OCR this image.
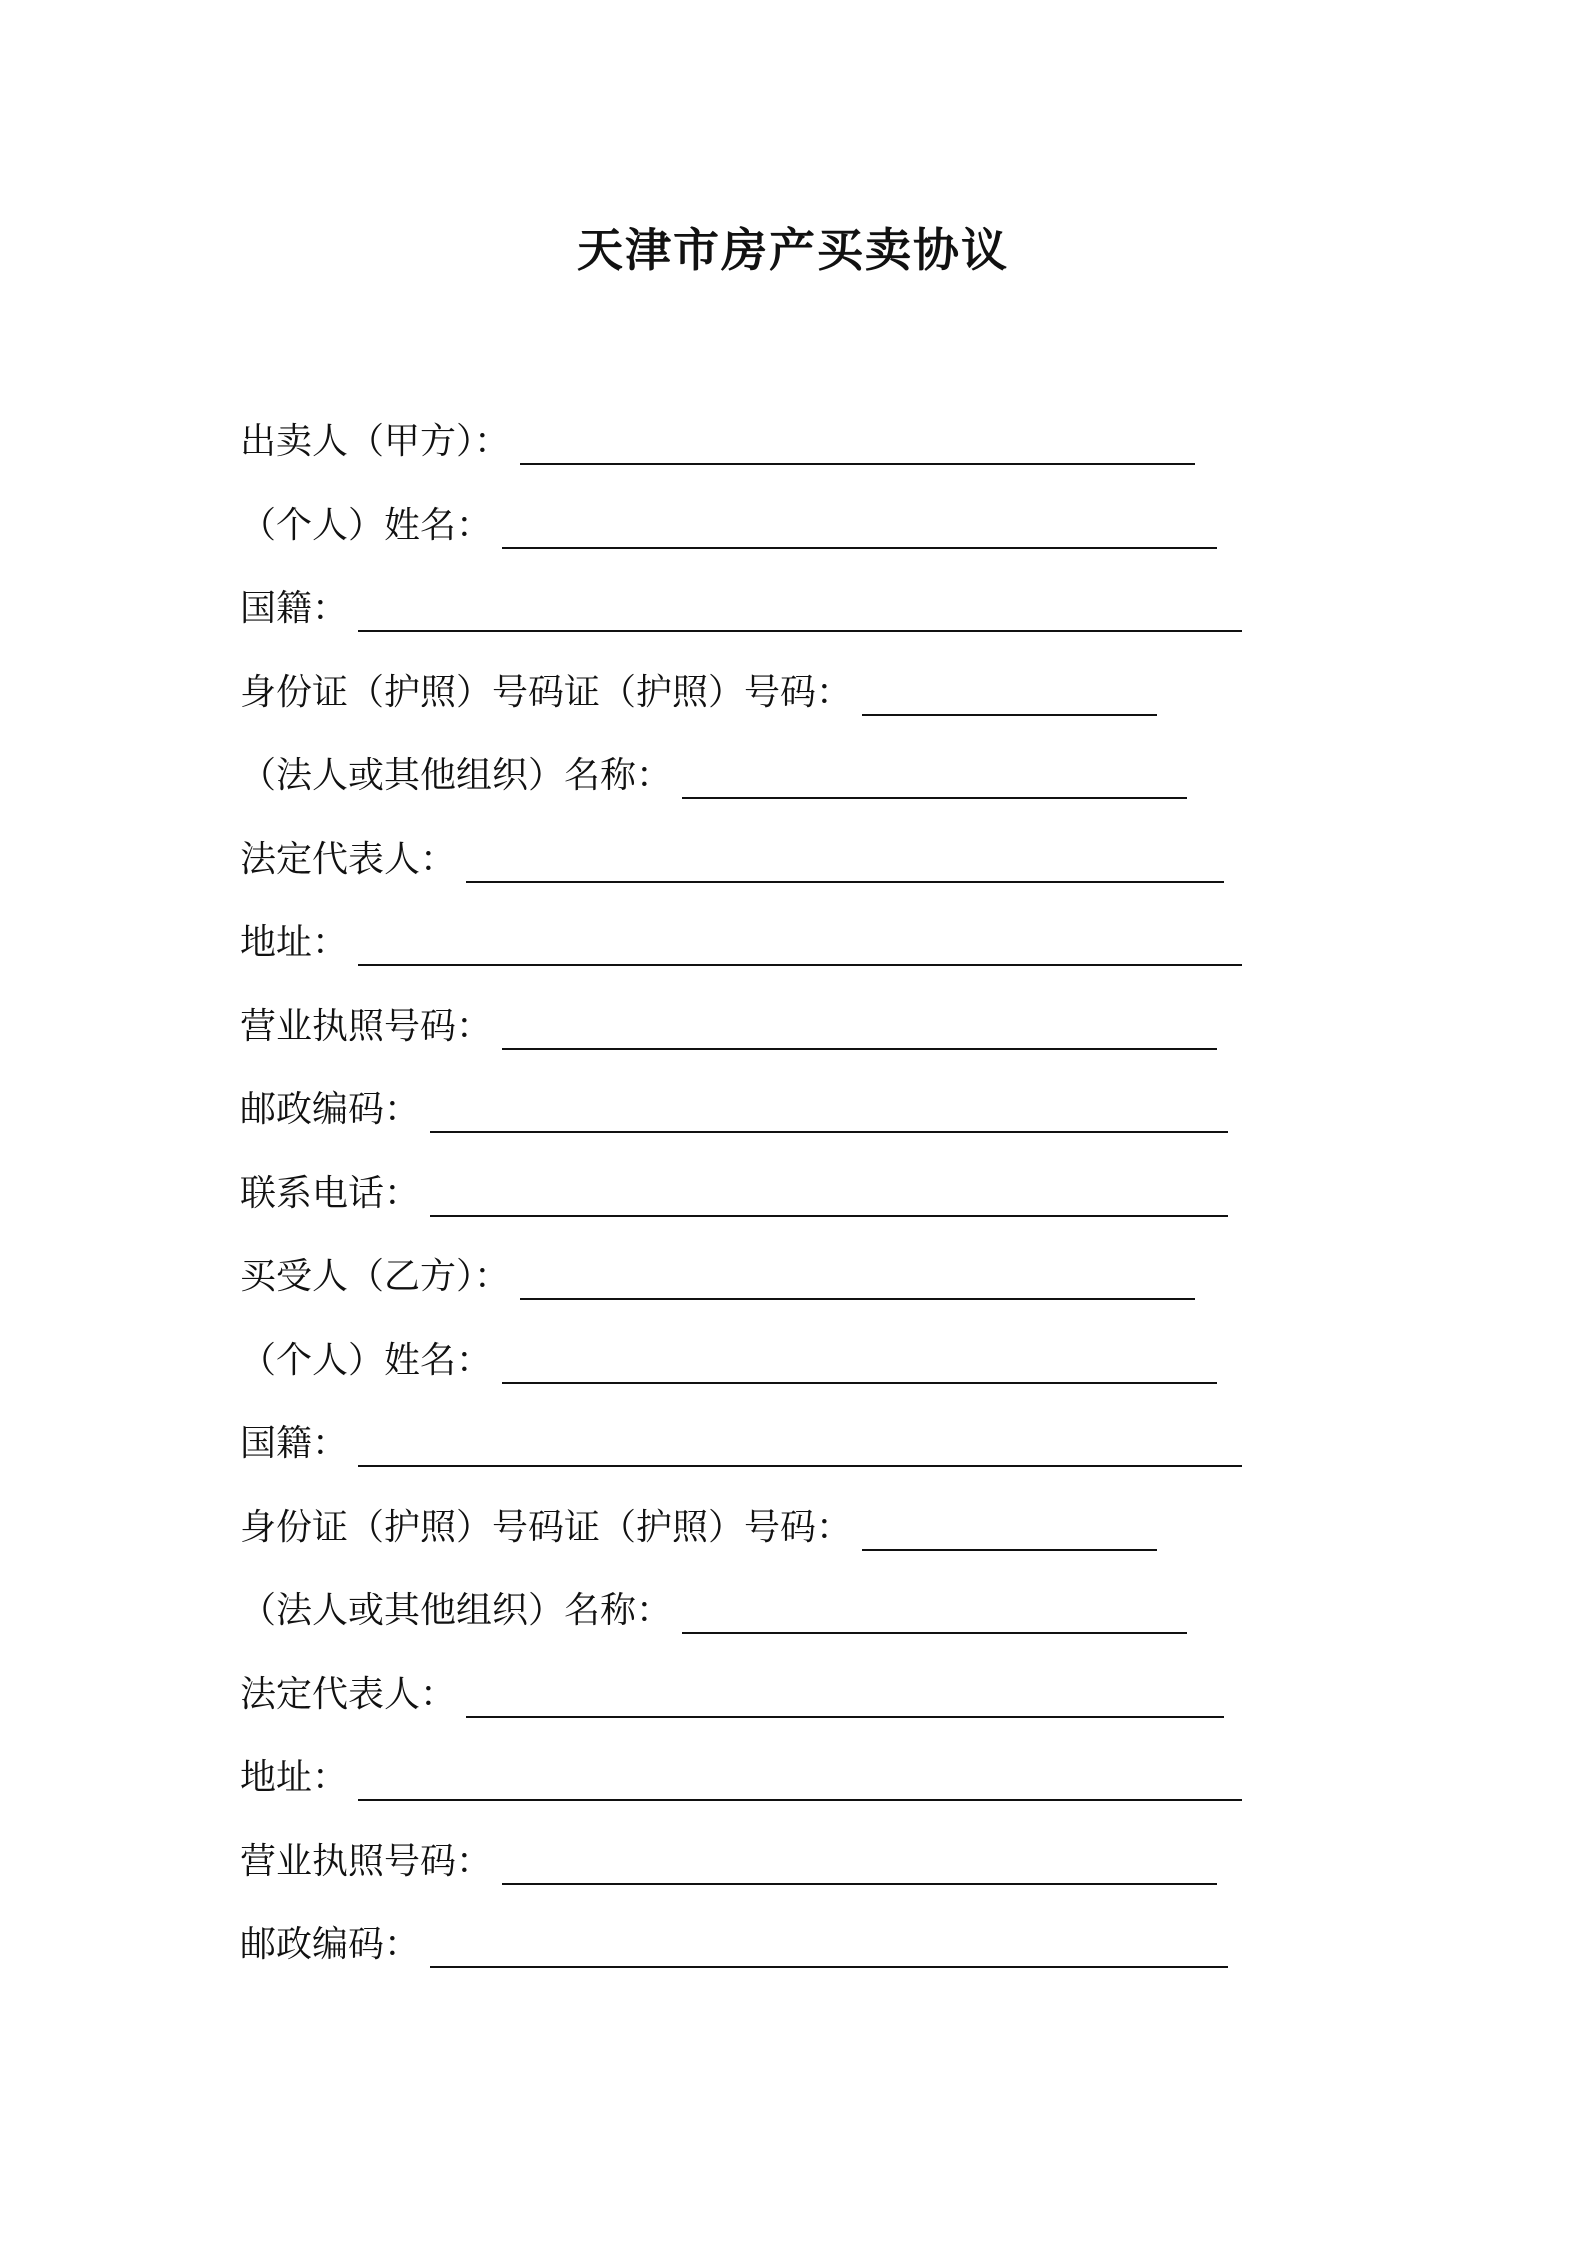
天津市房产买卖协议
出卖人（甲方）：
（个人）姓名：
国籍：
身份证（护照）号码证（护照）号码：
（法人或其他组织）名称：
法定代表人：
地址：
营业执照号码：
邮政编码：
联系电话：
买受人（乙方）：
（个人）姓名：
国籍：
身份证（护照）号码证（护照）号码：
（法人或其他组织）名称：
法定代表人：
地址：
营业执照号码：
邮政编码：
